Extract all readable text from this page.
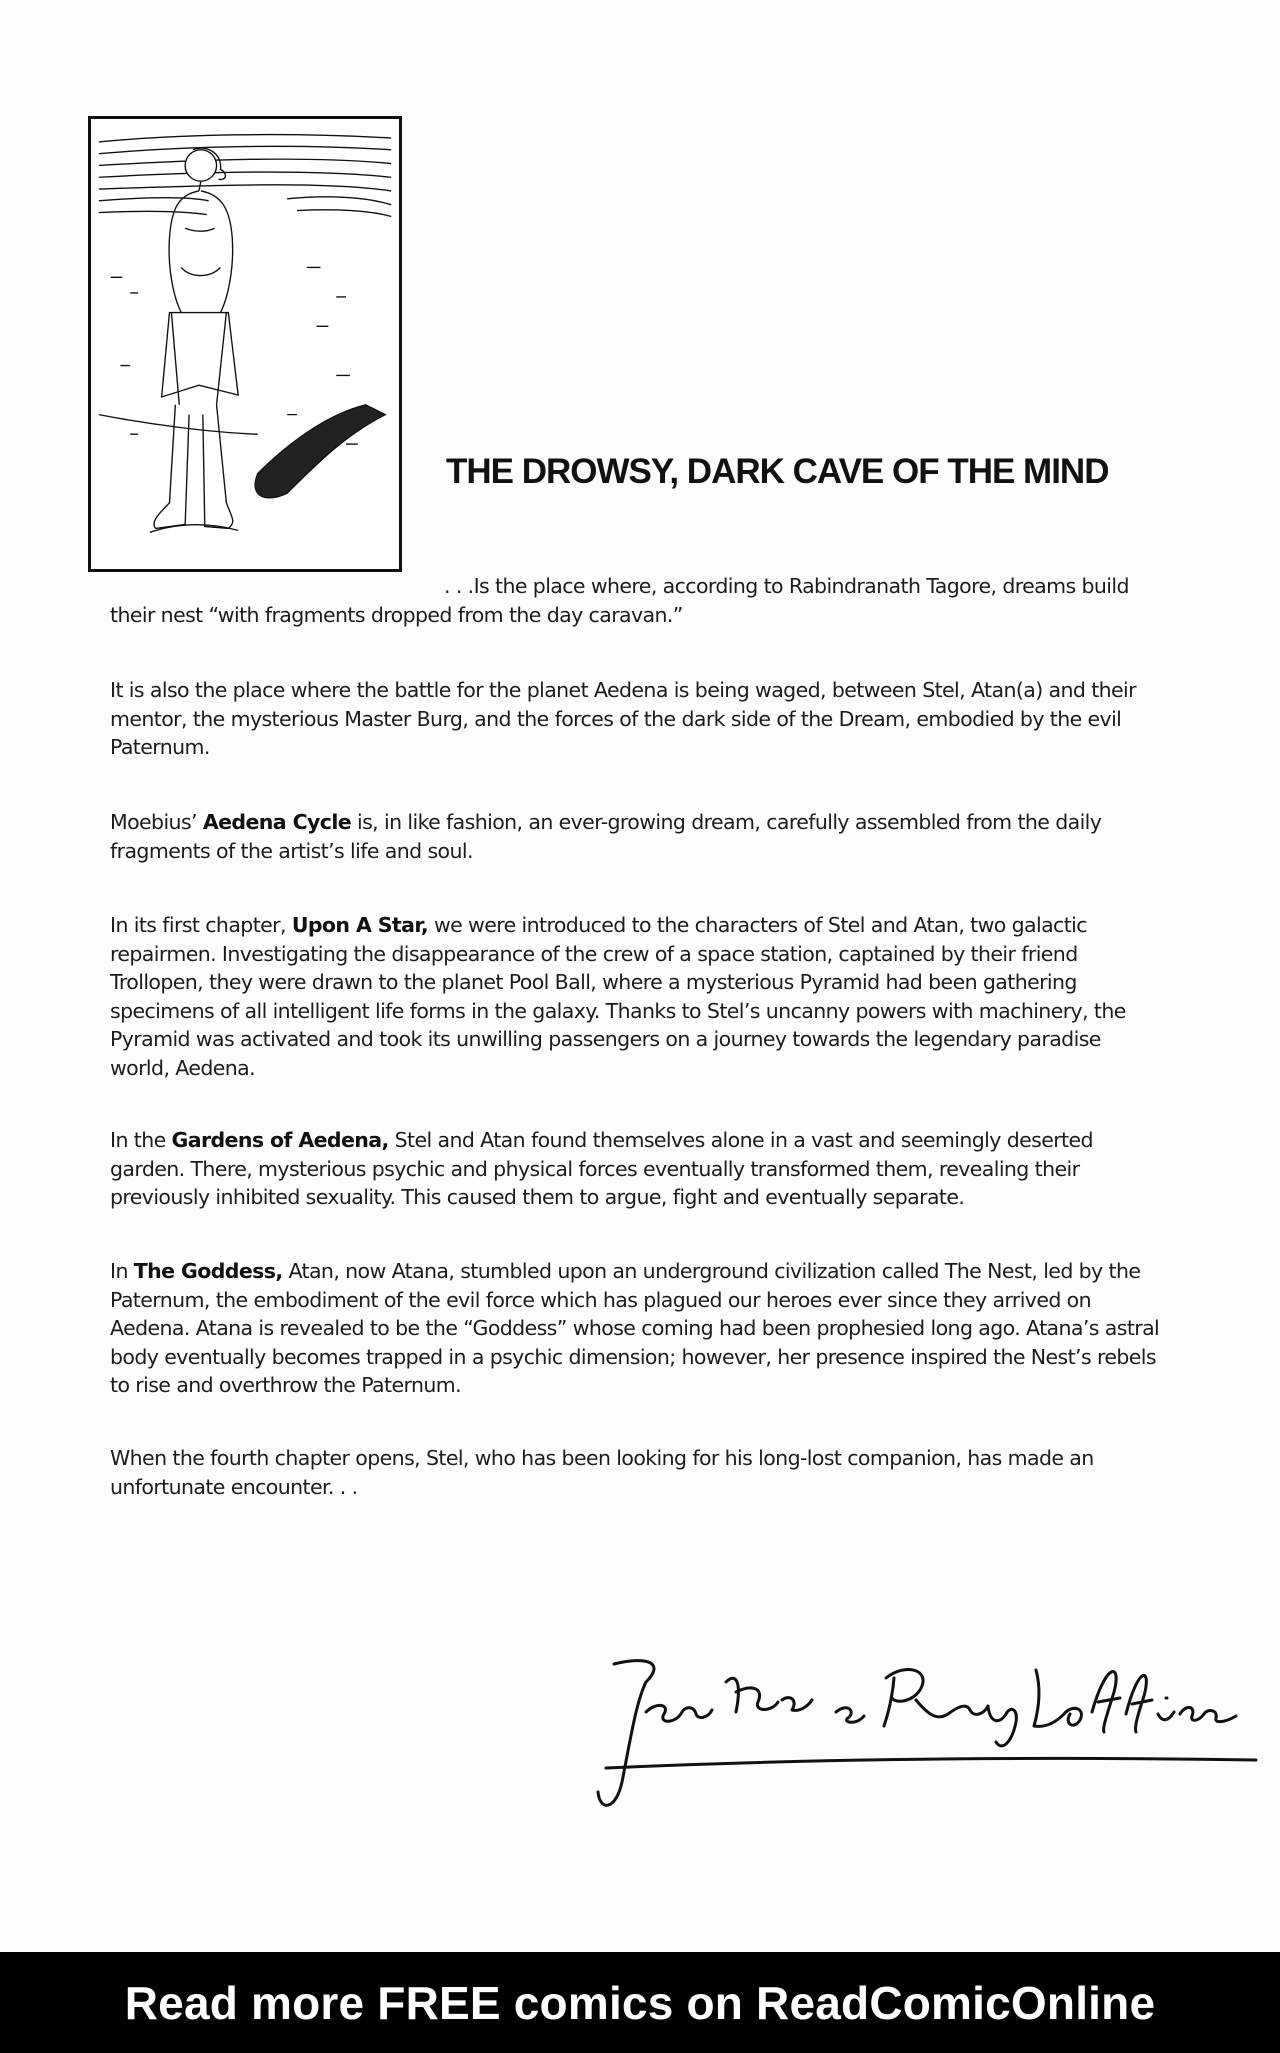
THE DROWSY, DARK CAVE OF THE MIND

. . .Is the place where, according to Rabindranath Tagore, dreams build their nest “with fragments dropped from the day caravan.”

It is also the place where the battle for the planet Aedena is being waged, between Stel, Atan(a) and their mentor, the mysterious Master Burg, and the forces of the dark side of the Dream, embodied by the evil Paternum.

Moebius’ Aedena Cycle is, in like fashion, an ever-growing dream, carefully assembled from the daily fragments of the artist’s life and soul.

In its first chapter, Upon A Star, we were introduced to the characters of Stel and Atan, two galactic repairmen. Investigating the disappearance of the crew of a space station, captained by their friend Trollopen, they were drawn to the planet Pool Ball, where a mysterious Pyramid had been gathering specimens of all intelligent life forms in the galaxy. Thanks to Stel’s uncanny powers with machinery, the Pyramid was activated and took its unwilling passengers on a journey towards the legendary paradise world, Aedena.

In the Gardens of Aedena, Stel and Atan found themselves alone in a vast and seemingly deserted garden. There, mysterious psychic and physical forces eventually transformed them, revealing their previously inhibited sexuality. This caused them to argue, fight and eventually separate.

In The Goddess, Atan, now Atana, stumbled upon an underground civilization called The Nest, led by the Paternum, the embodiment of the evil force which has plagued our heroes ever since they arrived on Aedena. Atana is revealed to be the “Goddess” whose coming had been prophesied long ago. Atana’s astral body eventually becomes trapped in a psychic dimension; however, her presence inspired the Nest’s rebels to rise and overthrow the Paternum.

When the fourth chapter opens, Stel, who has been looking for his long-lost companion, has made an unfortunate encounter. . .

Read more FREE comics on ReadComicOnline
